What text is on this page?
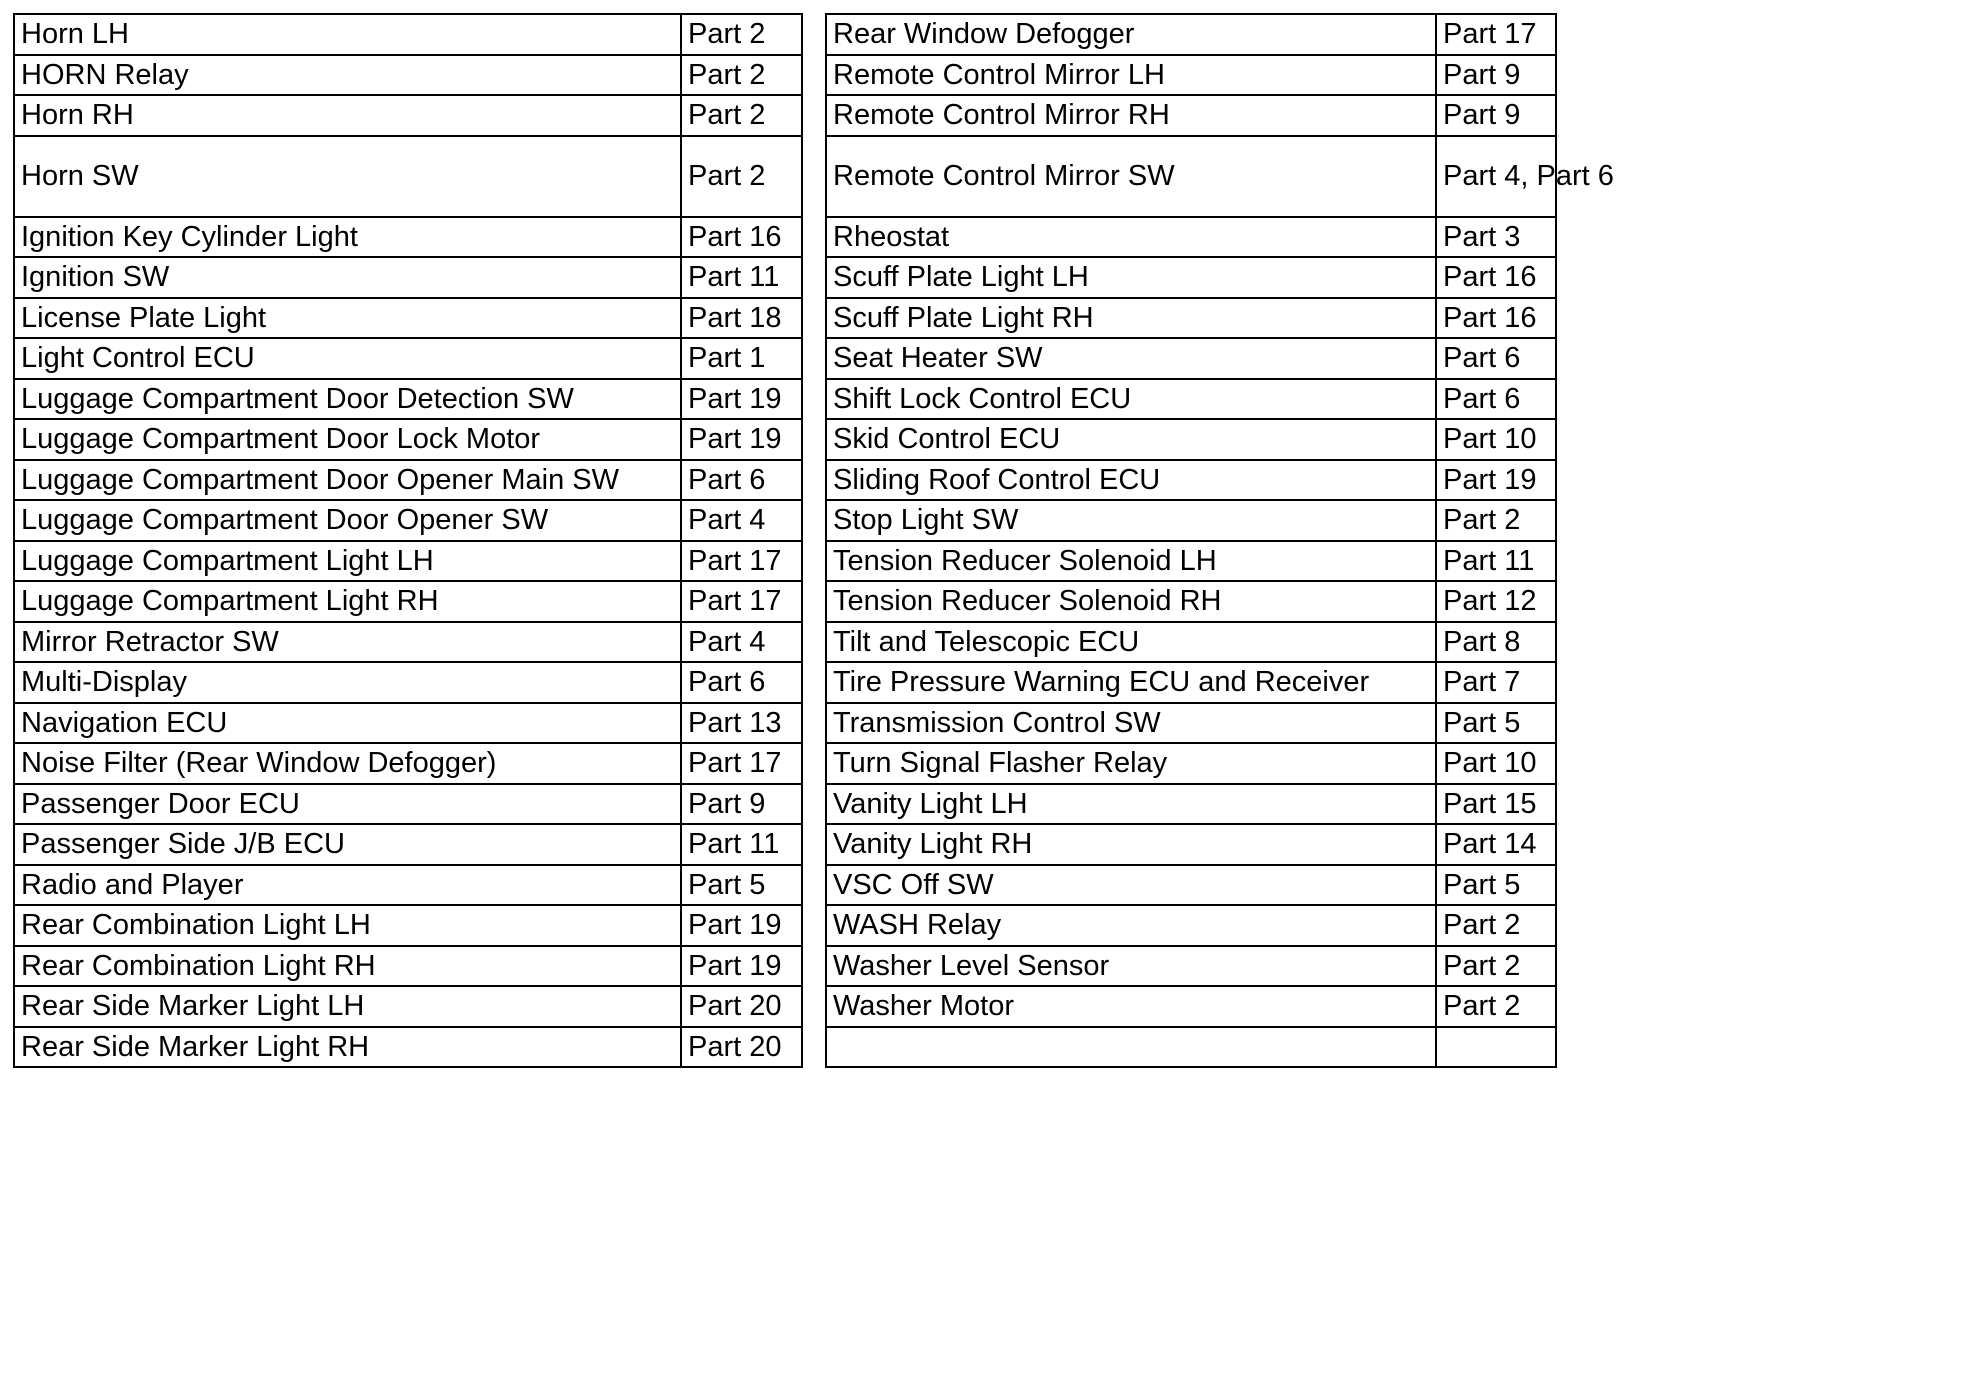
Horn LH	Part 2
HORN Relay	Part 2
Horn RH	Part 2
Horn SW	Part 2
Ignition Key Cylinder Light	Part 16
Ignition SW	Part 11
License Plate Light	Part 18
Light Control ECU	Part 1
Luggage Compartment Door Detection SW	Part 19
Luggage Compartment Door Lock Motor	Part 19
Luggage Compartment Door Opener Main SW	Part 6
Luggage Compartment Door Opener SW	Part 4
Luggage Compartment Light LH	Part 17
Luggage Compartment Light RH	Part 17
Mirror Retractor SW	Part 4
Multi-Display	Part 6
Navigation ECU	Part 13
Noise Filter (Rear Window Defogger)	Part 17
Passenger Door ECU	Part 9
Passenger Side J/B ECU	Part 11
Radio and Player	Part 5
Rear Combination Light LH	Part 19
Rear Combination Light RH	Part 19
Rear Side Marker Light LH	Part 20
Rear Side Marker Light RH	Part 20
Rear Window Defogger	Part 17
Remote Control Mirror LH	Part 9
Remote Control Mirror RH	Part 9
Remote Control Mirror SW	Part 4, Part 6
Rheostat	Part 3
Scuff Plate Light LH	Part 16
Scuff Plate Light RH	Part 16
Seat Heater SW	Part 6
Shift Lock Control ECU	Part 6
Skid Control ECU	Part 10
Sliding Roof Control ECU	Part 19
Stop Light SW	Part 2
Tension Reducer Solenoid LH	Part 11
Tension Reducer Solenoid RH	Part 12
Tilt and Telescopic ECU	Part 8
Tire Pressure Warning ECU and Receiver	Part 7
Transmission Control SW	Part 5
Turn Signal Flasher Relay	Part 10
Vanity Light LH	Part 15
Vanity Light RH	Part 14
VSC Off SW	Part 5
WASH Relay	Part 2
Washer Level Sensor	Part 2
Washer Motor	Part 2
